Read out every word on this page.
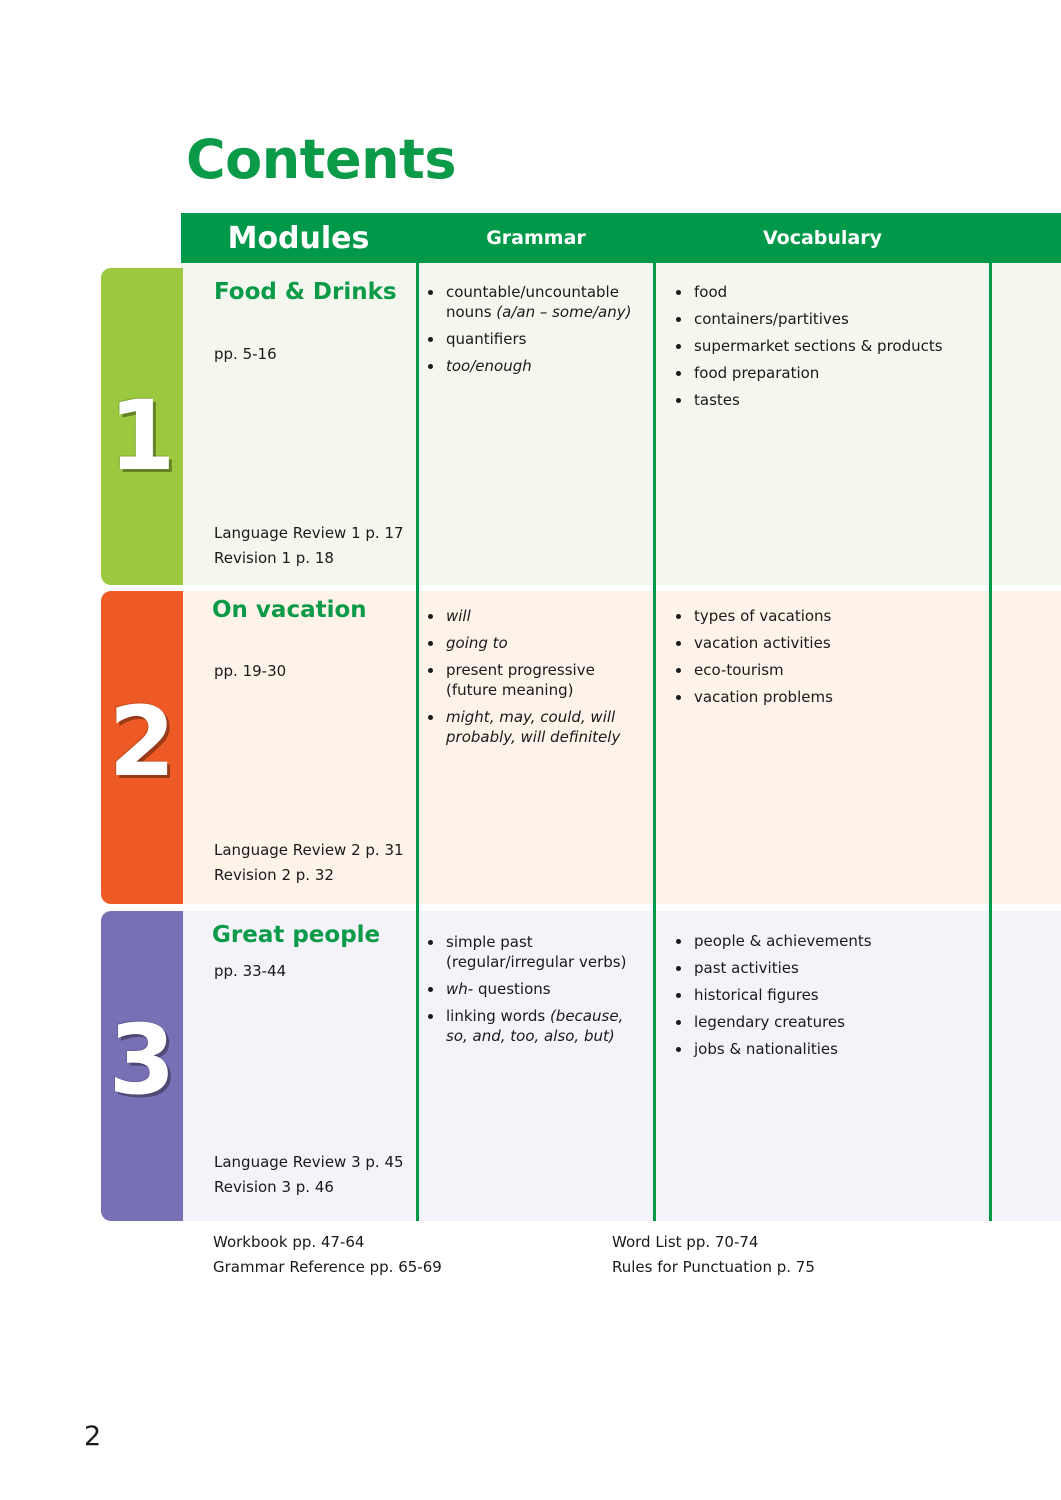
Contents
Modules	Grammar	Vocabulary
1
Food & Drinks
pp. 5-16
Language Review 1 p. 17
Revision 1 p. 18
countable/uncountable nouns (a/an – some/any)
quantifiers
too/enough
food
containers/partitives
supermarket sections & products
food preparation
tastes
2
On vacation
pp. 19-30
Language Review 2 p. 31
Revision 2 p. 32
will
going to
present progressive (future meaning)
might, may, could, will probably, will definitely
types of vacations
vacation activities
eco-tourism
vacation problems
3
Great people
pp. 33-44
Language Review 3 p. 45
Revision 3 p. 46
simple past (regular/irregular verbs)
wh- questions
linking words (because, so, and, too, also, but)
people & achievements
past activities
historical figures
legendary creatures
jobs & nationalities
Workbook pp. 47-64
Grammar Reference pp. 65-69
Word List pp. 70-74
Rules for Punctuation p. 75
2
